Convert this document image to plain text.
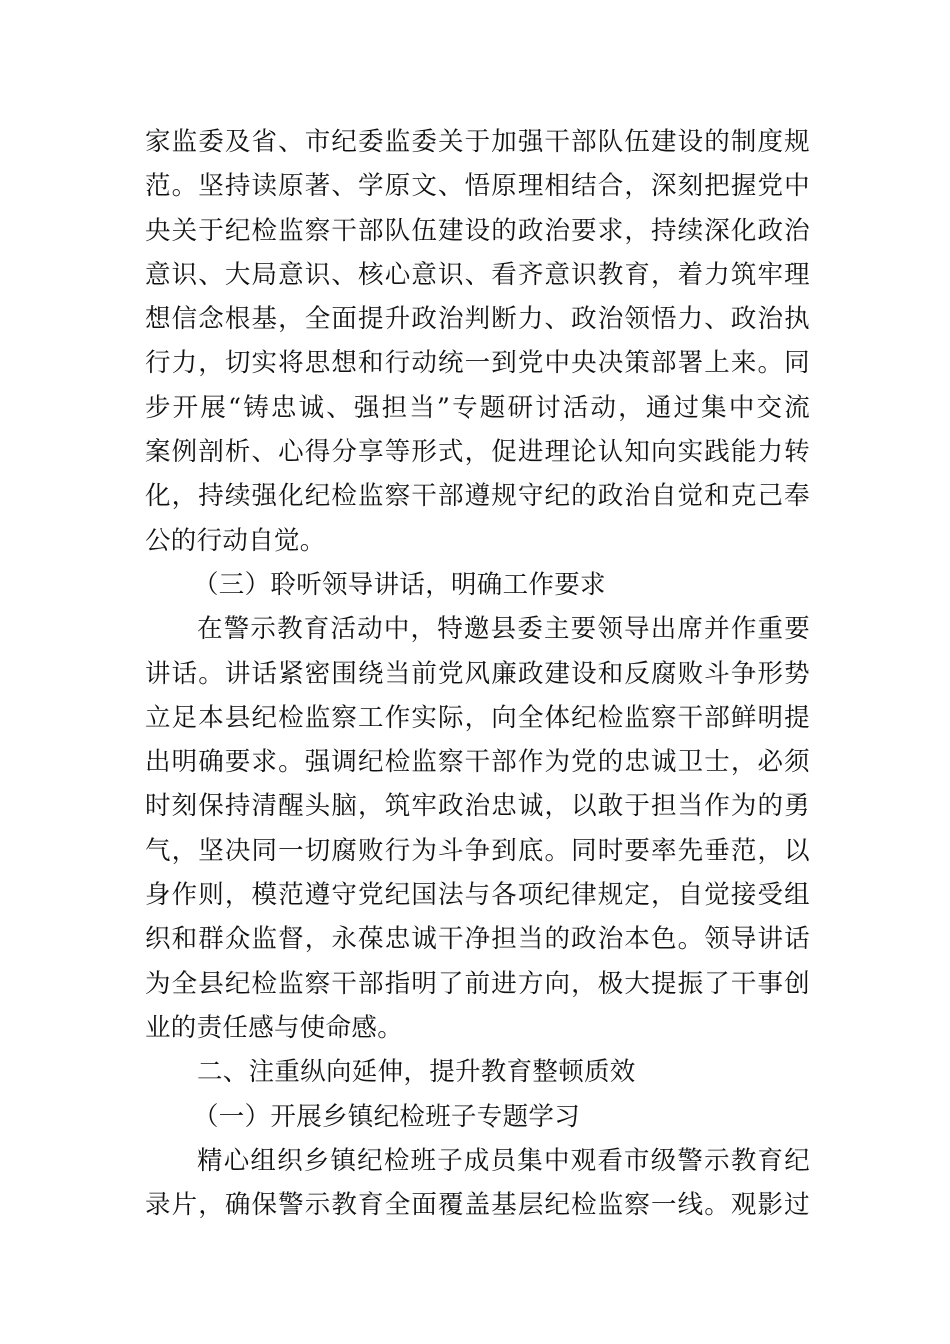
家监委及省、市纪委监委关于加强干部队伍建设的制度规
范。坚持读原著、学原文、悟原理相结合，深刻把握党中
央关于纪检监察干部队伍建设的政治要求，持续深化政治
意识、大局意识、核心意识、看齐意识教育，着力筑牢理
想信念根基，全面提升政治判断力、政治领悟力、政治执
行力，切实将思想和行动统一到党中央决策部署上来。同
步开展“铸忠诚、强担当”专题研讨活动，通过集中交流
案例剖析、心得分享等形式，促进理论认知向实践能力转
化，持续强化纪检监察干部遵规守纪的政治自觉和克己奉
公的行动自觉。
（三）聆听领导讲话，明确工作要求
在警示教育活动中，特邀县委主要领导出席并作重要
讲话。讲话紧密围绕当前党风廉政建设和反腐败斗争形势
立足本县纪检监察工作实际，向全体纪检监察干部鲜明提
出明确要求。强调纪检监察干部作为党的忠诚卫士，必须
时刻保持清醒头脑，筑牢政治忠诚，以敢于担当作为的勇
气，坚决同一切腐败行为斗争到底。同时要率先垂范，以
身作则，模范遵守党纪国法与各项纪律规定，自觉接受组
织和群众监督，永葆忠诚干净担当的政治本色。领导讲话
为全县纪检监察干部指明了前进方向，极大提振了干事创
业的责任感与使命感。
二、注重纵向延伸，提升教育整顿质效
（一）开展乡镇纪检班子专题学习
精心组织乡镇纪检班子成员集中观看市级警示教育纪
录片，确保警示教育全面覆盖基层纪检监察一线。观影过
